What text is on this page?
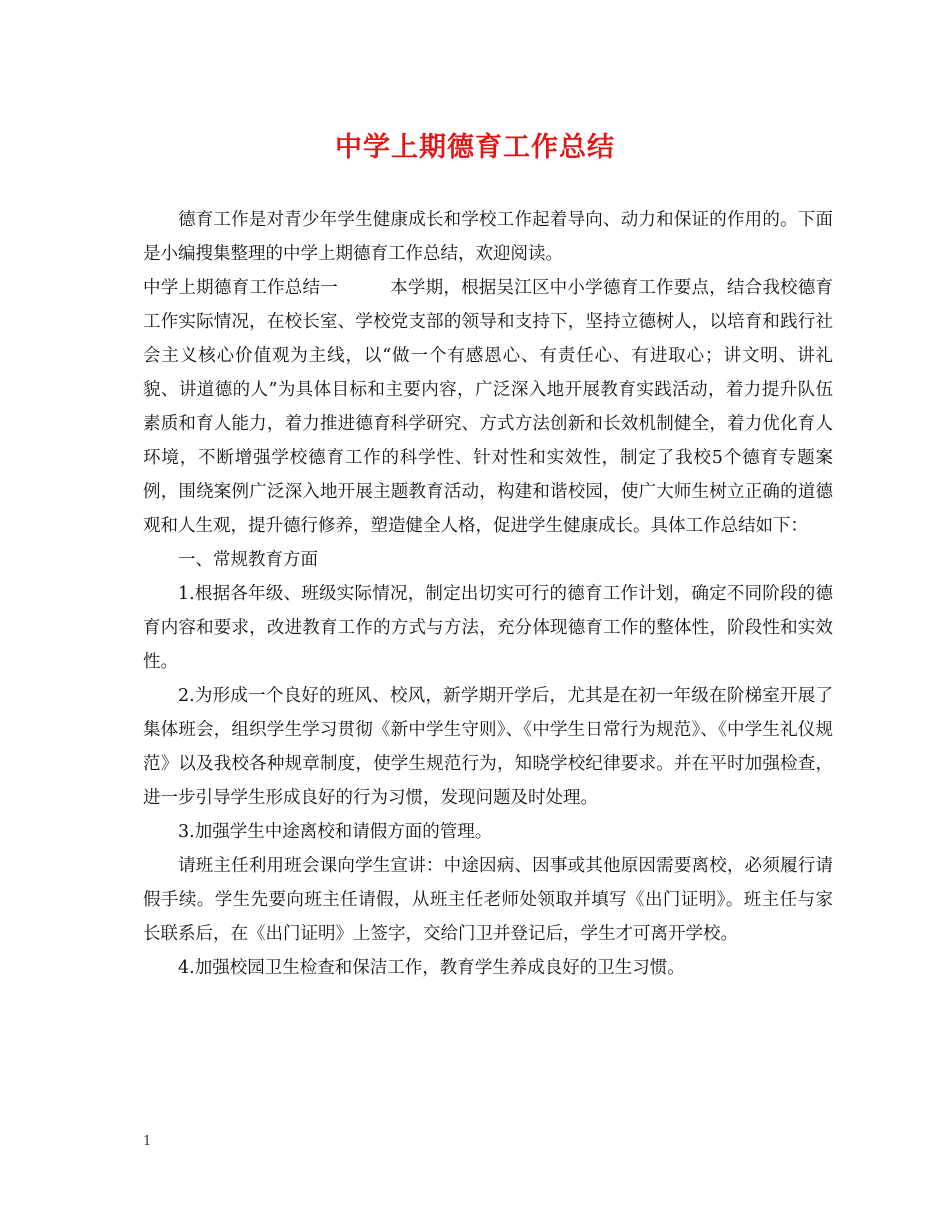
中学上期德育工作总结

德育工作是对青少年学生健康成长和学校工作起着导向、动力和保证的作用的。下面是小编搜集整理的中学上期德育工作总结，欢迎阅读。

中学上期德育工作总结一	本学期，根据吴江区中小学德育工作要点，结合我校德育工作实际情况，在校长室、学校党支部的领导和支持下，坚持立德树人，以培育和践行社会主义核心价值观为主线，以“做一个有感恩心、有责任心、有进取心；讲文明、讲礼貌、讲道德的人”为具体目标和主要内容，广泛深入地开展教育实践活动，着力提升队伍素质和育人能力，着力推进德育科学研究、方式方法创新和长效机制健全，着力优化育人环境，不断增强学校德育工作的科学性、针对性和实效性，制定了我校5个德育专题案例，围绕案例广泛深入地开展主题教育活动，构建和谐校园，使广大师生树立正确的道德观和人生观，提升德行修养，塑造健全人格，促进学生健康成长。具体工作总结如下：

一、常规教育方面

1.根据各年级、班级实际情况，制定出切实可行的德育工作计划，确定不同阶段的德育内容和要求，改进教育工作的方式与方法，充分体现德育工作的整体性，阶段性和实效性。

2.为形成一个良好的班风、校风，新学期开学后，尤其是在初一年级在阶梯室开展了集体班会，组织学生学习贯彻《新中学生守则》、《中学生日常行为规范》、《中学生礼仪规范》以及我校各种规章制度，使学生规范行为，知晓学校纪律要求。并在平时加强检查，进一步引导学生形成良好的行为习惯，发现问题及时处理。

3.加强学生中途离校和请假方面的管理。

请班主任利用班会课向学生宣讲：中途因病、因事或其他原因需要离校，必须履行请假手续。学生先要向班主任请假，从班主任老师处领取并填写《出门证明》。班主任与家长联系后，在《出门证明》上签字，交给门卫并登记后，学生才可离开学校。

4.加强校园卫生检查和保洁工作，教育学生养成良好的卫生习惯。

1
